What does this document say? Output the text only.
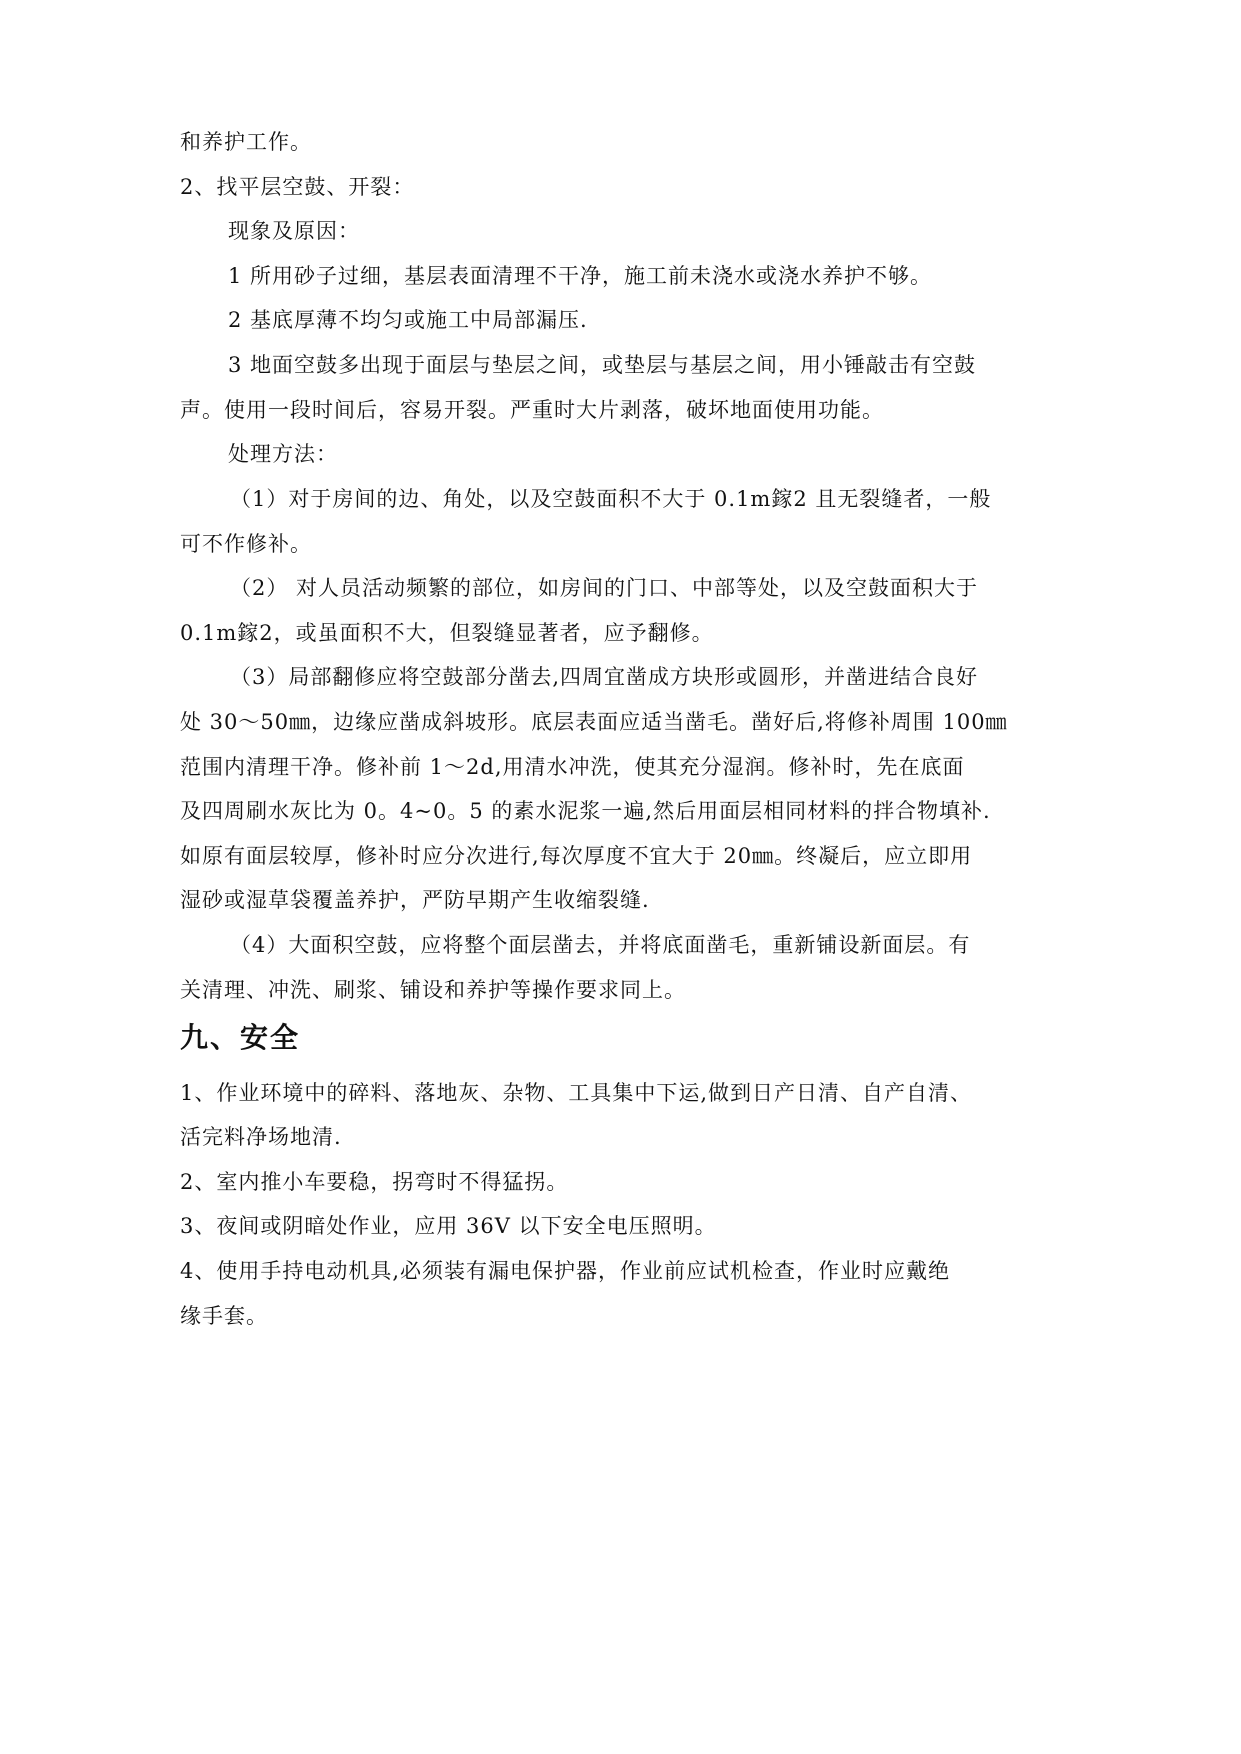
和养护工作。
2、找平层空鼓、开裂：
现象及原因：
1 所用砂子过细，基层表面清理不干净，施工前未浇水或浇水养护不够。
2 基底厚薄不均匀或施工中局部漏压.
3 地面空鼓多出现于面层与垫层之间，或垫层与基层之间，用小锤敲击有空鼓
声。使用一段时间后，容易开裂。严重时大片剥落，破坏地面使用功能。
处理方法：
（1）对于房间的边、角处，以及空鼓面积不大于 0.1m鎵2 且无裂缝者，一般
可不作修补。
（2） 对人员活动频繁的部位，如房间的门口、中部等处，以及空鼓面积大于
0.1m鎵2，或虽面积不大，但裂缝显著者，应予翻修。
（3）局部翻修应将空鼓部分凿去,四周宜凿成方块形或圆形，并凿进结合良好
处 30～50㎜，边缘应凿成斜坡形。底层表面应适当凿毛。凿好后,将修补周围 100㎜
范围内清理干净。修补前 1～2d,用清水冲洗，使其充分湿润。修补时，先在底面
及四周刷水灰比为 0。4~0。5 的素水泥浆一遍,然后用面层相同材料的拌合物填补.
如原有面层较厚，修补时应分次进行,每次厚度不宜大于 20㎜。终凝后，应立即用
湿砂或湿草袋覆盖养护，严防早期产生收缩裂缝.
（4）大面积空鼓，应将整个面层凿去，并将底面凿毛，重新铺设新面层。有
关清理、冲洗、刷浆、铺设和养护等操作要求同上。
九、安全
1、作业环境中的碎料、落地灰、杂物、工具集中下运,做到日产日清、自产自清、
活完料净场地清.
2、室内推小车要稳，拐弯时不得猛拐。
3、夜间或阴暗处作业，应用 36V 以下安全电压照明。
4、使用手持电动机具,必须装有漏电保护器，作业前应试机检查，作业时应戴绝
缘手套。
